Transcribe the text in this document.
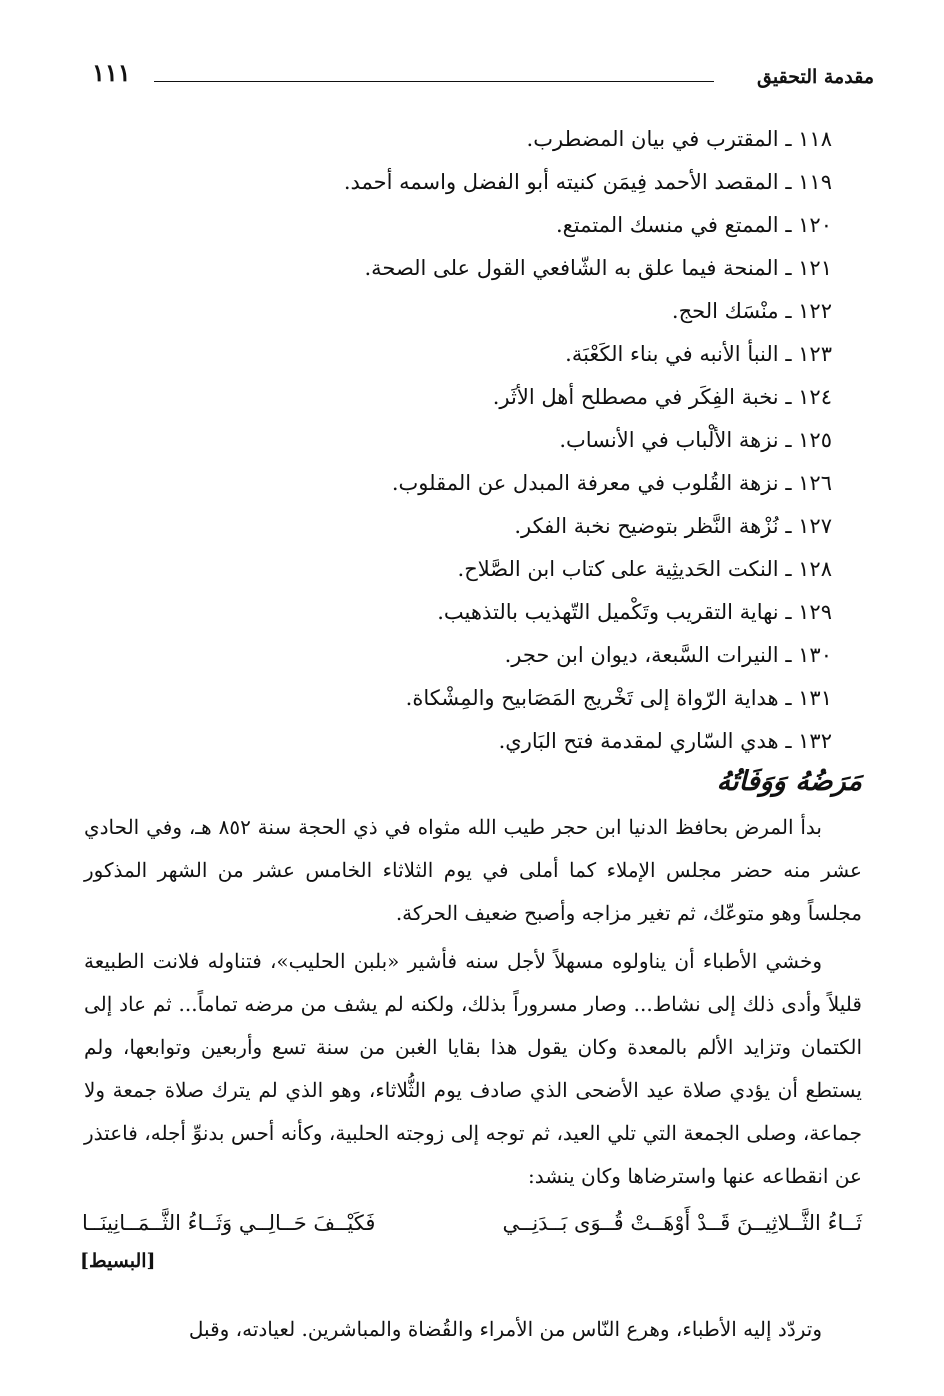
مقدمة التحقيق
١١١
١١٨ ـ المقترب في بيان المضطرب.
١١٩ ـ المقصد الأحمد فِيمَن كنيته أبو الفضل واسمه أحمد.
١٢٠ ـ الممتع في منسك المتمتع.
١٢١ ـ المنحة فيما علق به الشّافعي القول على الصحة.
١٢٢ ـ منْسَك الحج.
١٢٣ ـ النبأ الأنبه في بناء الكَعْبَة.
١٢٤ ـ نخبة الفِكَر في مصطلح أهل الأثَر.
١٢٥ ـ نزهة الألْباب في الأنساب.
١٢٦ ـ نزهة القُلوب في معرفة المبدل عن المقلوب.
١٢٧ ـ نُزْهة النَّظر بتوضيح نخبة الفكر.
١٢٨ ـ النكت الحَديثِية على كتاب ابن الصَّلاح.
١٢٩ ـ نهاية التقريب وتَكْميل التّهذيب بالتذهيب.
١٣٠ ـ النيرات السَّبعة، ديوان ابن حجر.
١٣١ ـ هداية الرّواة إلى تَخْريج المَصَابيح والمِشْكاة.
١٣٢ ـ هدي السّاري لمقدمة فتح البَاري.
مَرَضُهُ وَوَفَاتُهُ

بدأ المرض بحافظ الدنيا ابن حجر طيب الله مثواه في ذي الحجة سنة ٨٥٢ هـ، وفي الحادي عشر منه حضر مجلس الإملاء كما أملى في يوم الثلاثاء الخامس عشر من الشهر المذكور مجلساً وهو متوعّك، ثم تغير مزاجه وأصبح ضعيف الحركة.

وخشي الأطباء أن يناولوه مسهلاً لأجل سنه فأشير «بلبن الحليب»، فتناوله فلانت الطبيعة قليلاً وأدى ذلك إلى نشاط... وصار مسروراً بذلك، ولكنه لم يشف من مرضه تماماً... ثم عاد إلى الكتمان وتزايد الألم بالمعدة وكان يقول هذا بقايا الغبن من سنة تسع وأربعين وتوابعها، ولم يستطع أن يؤدي صلاة عيد الأضحى الذي صادف يوم الثُّلاثاء، وهو الذي لم يترك صلاة جمعة ولا جماعة، وصلى الجمعة التي تلي العيد، ثم توجه إلى زوجته الحلبية، وكأنه أحس بدنوِّ أجله، فاعتذر عن انقطاعه عنها واسترضاها وكان ينشد:

ثَــاءُ الثَّــلاثِيــنَ قَــدْ أَوْهَــتْ قُــوَى بَــدَنِــي
فَكَيْــفَ حَــالِــي وَثَــاءُ الثَّــمَــانِينَــا
[البسيط]

وتردّد إليه الأطباء، وهرع النّاس من الأمراء والقُضاة والمباشرين. لعيادته، وقبل
